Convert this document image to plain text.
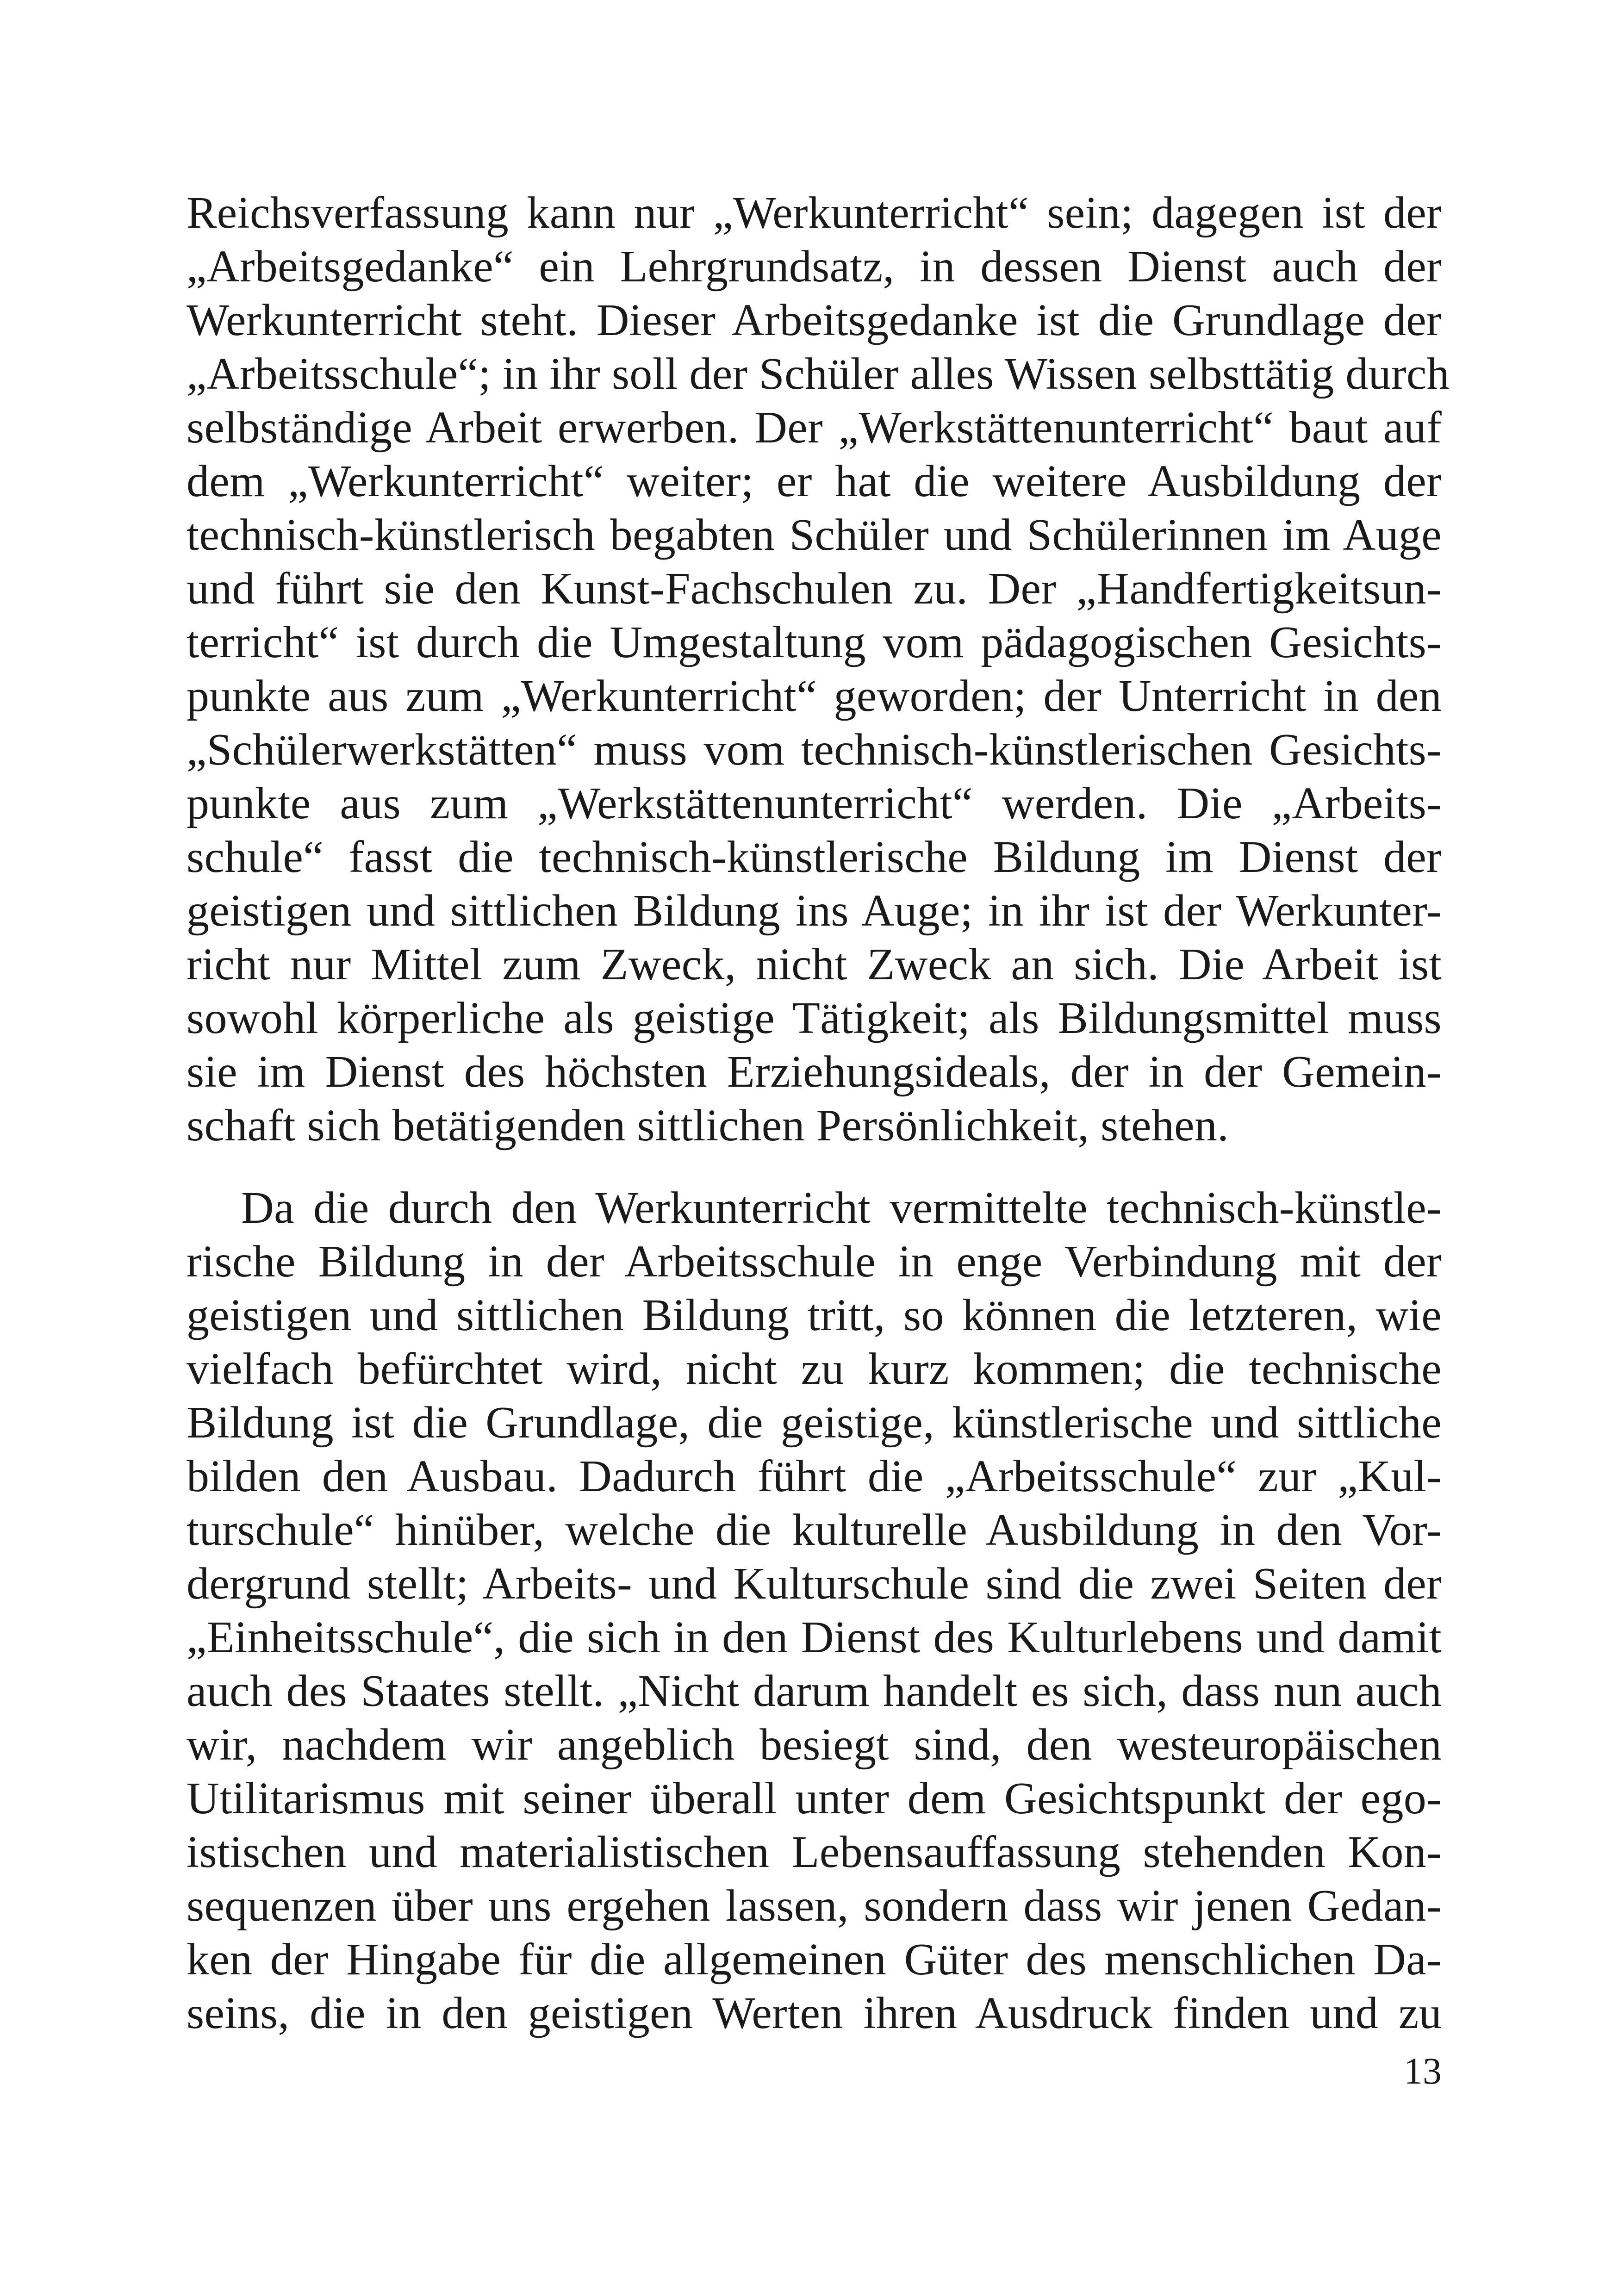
Reichsverfassung kann nur „Werkunterricht“ sein; dagegen ist der
„Arbeitsgedanke“ ein Lehrgrundsatz, in dessen Dienst auch der
Werkunterricht steht. Dieser Arbeitsgedanke ist die Grundlage der
„Arbeitsschule“; in ihr soll der Schüler alles Wissen selbsttätig durch
selbständige Arbeit erwerben. Der „Werkstättenunterricht“ baut auf
dem „Werkunterricht“ weiter; er hat die weitere Ausbildung der
technisch-künstlerisch begabten Schüler und Schülerinnen im Auge
und führt sie den Kunst-Fachschulen zu. Der „Handfertigkeitsun-
terricht“ ist durch die Umgestaltung vom pädagogischen Gesichts-
punkte aus zum „Werkunterricht“ geworden; der Unterricht in den
„Schülerwerkstätten“ muss vom technisch-künstlerischen Gesichts-
punkte aus zum „Werkstättenunterricht“ werden. Die „Arbeits-
schule“ fasst die technisch-künstlerische Bildung im Dienst der
geistigen und sittlichen Bildung ins Auge; in ihr ist der Werkunter-
richt nur Mittel zum Zweck, nicht Zweck an sich. Die Arbeit ist
sowohl körperliche als geistige Tätigkeit; als Bildungsmittel muss
sie im Dienst des höchsten Erziehungsideals, der in der Gemein-
schaft sich betätigenden sittlichen Persönlichkeit, stehen.
Da die durch den Werkunterricht vermittelte technisch-künstle-
rische Bildung in der Arbeitsschule in enge Verbindung mit der
geistigen und sittlichen Bildung tritt, so können die letzteren, wie
vielfach befürchtet wird, nicht zu kurz kommen; die technische
Bildung ist die Grundlage, die geistige, künstlerische und sittliche
bilden den Ausbau. Dadurch führt die „Arbeitsschule“ zur „Kul-
turschule“ hinüber, welche die kulturelle Ausbildung in den Vor-
dergrund stellt; Arbeits- und Kulturschule sind die zwei Seiten der
„Einheitsschule“, die sich in den Dienst des Kulturlebens und damit
auch des Staates stellt. „Nicht darum handelt es sich, dass nun auch
wir, nachdem wir angeblich besiegt sind, den westeuropäischen
Utilitarismus mit seiner überall unter dem Gesichtspunkt der ego-
istischen und materialistischen Lebensauffassung stehenden Kon-
sequenzen über uns ergehen lassen, sondern dass wir jenen Gedan-
ken der Hingabe für die allgemeinen Güter des menschlichen Da-
seins, die in den geistigen Werten ihren Ausdruck finden und zu
13
